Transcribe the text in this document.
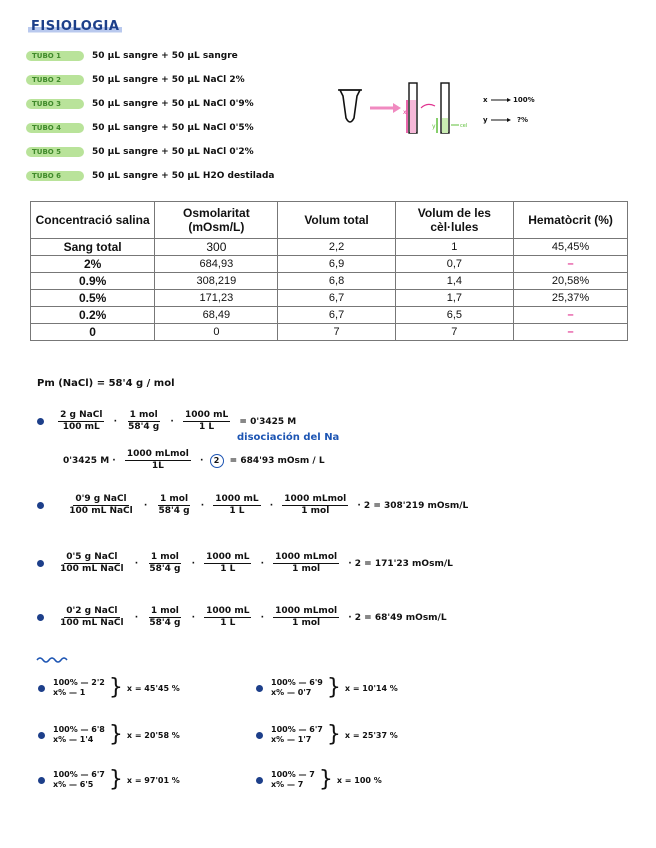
FISIOLOGIA
TUBO 1	50 µL sangre + 50 µL sangre
TUBO 2	50 µL sangre + 50 µL NaCl 2%
TUBO 3	50 µL sangre + 50 µL NaCl 0'9%
TUBO 4	50 µL sangre + 50 µL NaCl 0'5%
TUBO 5	50 µL sangre + 50 µL NaCl 0'2%
TUBO 6	50 µL sangre + 50 µL H2O destilada
x
y	cel
x	100%
y	?%
Concentració salina	Osmolaritat (mOsm/L)	Volum total	Volum de les cèl·lules	Hematòcrit (%)
Sang total	300	2,2	1	45,45%
2%	684,93	6,9	0,7	–
0.9%	308,219	6,8	1,4	20,58%
0.5%	171,23	6,7	1,7	25,37%
0.2%	68,49	6,7	6,5	–
0	0	7	7	–
Pm (NaCl) = 58'4 g / mol

$\frac{\text{2 g NaCl}}{100 mL} \cdot \frac{\text{1 mol}}{58'4 g} \cdot \frac{1000 mL}{1 L} = 0'3425$ M
disociación del Na
0'3425 $M \cdot \frac{\text{1000 mLmol}}{1L} \cdot 2 = 684'93$ mOsm / L

$\frac{\text{0'9 g NaCl}}{\text{100 mL NaCl}} \cdot \frac{\text{1 mol}}{58'4 g} \cdot \frac{1000 mL}{1 L} \cdot \frac{\text{1000 mLmol}}{\text{1 mol}} \cdot 2 = 308'219$ mOsm/L

$\frac{\text{0'5 g NaCl}}{\text{100 mL NaCl}} \cdot \frac{\text{1 mol}}{58'4 g} \cdot \frac{1000 mL}{1 L} \cdot \frac{\text{1000 mLmol}}{\text{1 mol}} \cdot 2 = 171'23$ mOsm/L

$\frac{\text{0'2 g NaCl}}{\text{100 mL NaCl}} \cdot \frac{\text{1 mol}}{58'4 g} \cdot \frac{1000 mL}{1 L} \cdot \frac{\text{1000 mLmol}}{\text{1 mol}} \cdot 2 = 68'49$ mOsm/L
100% — 2'2
x% — 1	} x = 45'45 %
100% — 6'9
x% — 0'7 } x = 10'14 %
100% — 6'8
x% — 1'4 } x = 20'58 %
100% — 6'7
x% — 1'7 } x = 25'37 %
100% — 6'7
x% — 6'5 } x = 97'01 %
100% — 7
x% — 7 } x = 100 %
